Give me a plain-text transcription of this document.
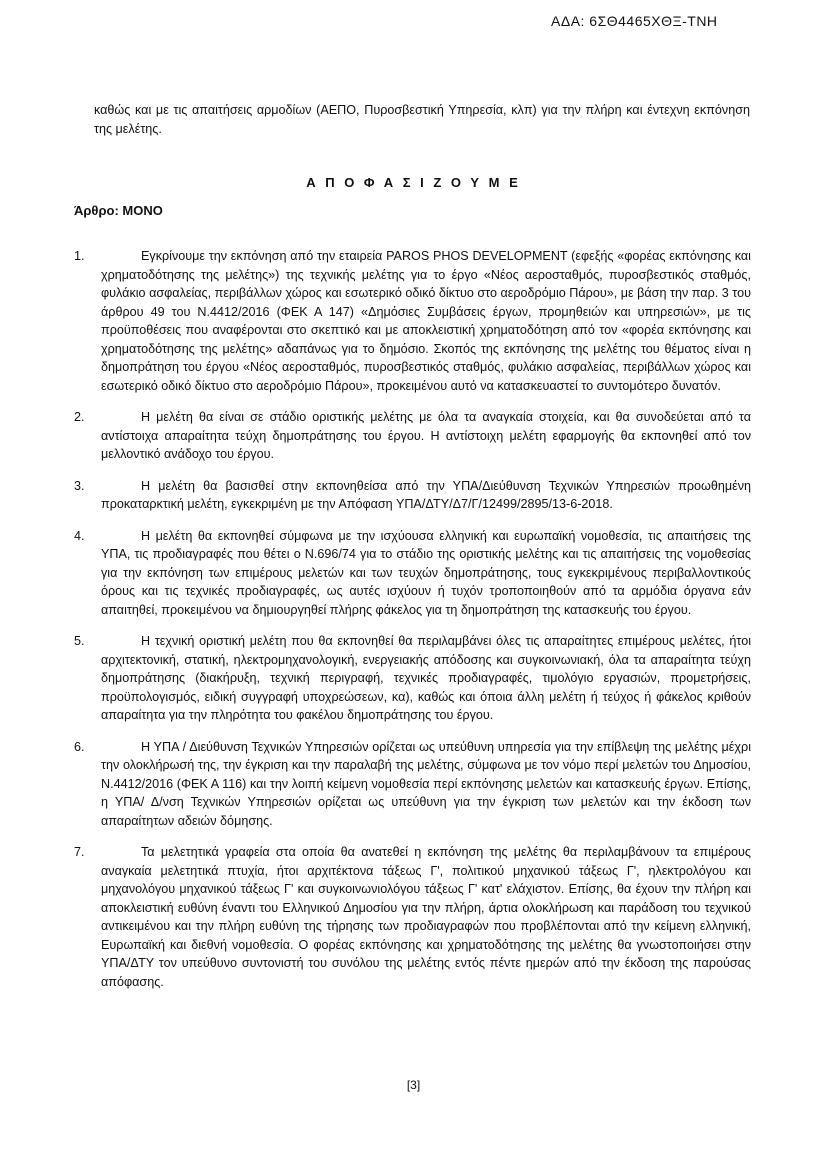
ΑΔΑ: 6ΣΘ4465ΧΘΞ-ΤΝΗ
καθώς και με τις απαιτήσεις αρμοδίων (ΑΕΠΟ, Πυροσβεστική Υπηρεσία, κλπ) για την πλήρη και έντεχνη εκπόνηση της μελέτης.
Α Π Ο Φ Α Σ Ι Ζ Ο Υ Μ Ε
Άρθρο: ΜΟΝΟ
1.	Εγκρίνουμε την εκπόνηση από την εταιρεία PAROS PHOS DEVELOPMENT (εφεξής «φορέας εκπόνησης και χρηματοδότησης της μελέτης») της τεχνικής μελέτης για το έργο «Νέος αεροσταθμός, πυροσβεστικός σταθμός, φυλάκιο ασφαλείας, περιβάλλων χώρος και εσωτερικό οδικό δίκτυο στο αεροδρόμιο Πάρου», με βάση την παρ. 3 του άρθρου 49 του Ν.4412/2016 (ΦΕΚ Α 147) «Δημόσιες Συμβάσεις έργων, προμηθειών και υπηρεσιών», με τις προϋποθέσεις που αναφέρονται στο σκεπτικό και με αποκλειστική χρηματοδότηση από τον «φορέα εκπόνησης και χρηματοδότησης της μελέτης» αδαπάνως για το δημόσιο. Σκοπός της εκπόνησης της μελέτης του θέματος είναι η δημοπράτηση του έργου «Νέος αεροσταθμός, πυροσβεστικός σταθμός, φυλάκιο ασφαλείας, περιβάλλων χώρος και εσωτερικό οδικό δίκτυο στο αεροδρόμιο Πάρου», προκειμένου αυτό να κατασκευαστεί το συντομότερο δυνατόν.
2.	Η μελέτη θα είναι σε στάδιο οριστικής μελέτης με όλα τα αναγκαία στοιχεία, και θα συνοδεύεται από τα αντίστοιχα απαραίτητα τεύχη δημοπράτησης του έργου. Η αντίστοιχη μελέτη εφαρμογής θα εκπονηθεί από τον μελλοντικό ανάδοχο του έργου.
3.	Η μελέτη θα βασισθεί στην εκπονηθείσα από την ΥΠΑ/Διεύθυνση Τεχνικών Υπηρεσιών προωθημένη προκαταρκτική μελέτη, εγκεκριμένη με την Απόφαση ΥΠΑ/ΔΤΥ/Δ7/Γ/12499/2895/13-6-2018.
4.	Η μελέτη θα εκπονηθεί σύμφωνα με την ισχύουσα ελληνική και ευρωπαϊκή νομοθεσία, τις απαιτήσεις της ΥΠΑ, τις προδιαγραφές που θέτει ο Ν.696/74 για το στάδιο της οριστικής μελέτης και τις απαιτήσεις της νομοθεσίας για την εκπόνηση των επιμέρους μελετών και των τευχών δημοπράτησης, τους εγκεκριμένους περιβαλλοντικούς όρους και τις τεχνικές προδιαγραφές, ως αυτές ισχύουν ή τυχόν τροποποιηθούν από τα αρμόδια όργανα εάν απαιτηθεί, προκειμένου να δημιουργηθεί πλήρης φάκελος για τη δημοπράτηση της κατασκευής του έργου.
5.	Η τεχνική οριστική μελέτη που θα εκπονηθεί θα περιλαμβάνει όλες τις απαραίτητες επιμέρους μελέτες, ήτοι αρχιτεκτονική, στατική, ηλεκτρομηχανολογική, ενεργειακής απόδοσης και συγκοινωνιακή, όλα τα απαραίτητα τεύχη δημοπράτησης (διακήρυξη, τεχνική περιγραφή, τεχνικές προδιαγραφές, τιμολόγιο εργασιών, προμετρήσεις, προϋπολογισμός, ειδική συγγραφή υποχρεώσεων, κα), καθώς και όποια άλλη μελέτη ή τεύχος ή φάκελος κριθούν απαραίτητα για την πληρότητα του φακέλου δημοπράτησης του έργου.
6.	Η ΥΠΑ / Διεύθυνση Τεχνικών Υπηρεσιών ορίζεται ως υπεύθυνη υπηρεσία για την επίβλεψη της μελέτης μέχρι την ολοκλήρωσή της, την έγκριση και την παραλαβή της μελέτης, σύμφωνα με τον νόμο περί μελετών του Δημοσίου, Ν.4412/2016 (ΦΕΚ Α 116) και την λοιπή κείμενη νομοθεσία περί εκπόνησης μελετών και κατασκευής έργων. Επίσης, η ΥΠΑ/ Δ/νση Τεχνικών Υπηρεσιών ορίζεται ως υπεύθυνη για την έγκριση των μελετών και την έκδοση των απαραίτητων αδειών δόμησης.
7.	Τα μελετητικά γραφεία στα οποία θα ανατεθεί η εκπόνηση της μελέτης θα περιλαμβάνουν τα επιμέρους αναγκαία μελετητικά πτυχία, ήτοι αρχιτέκτονα τάξεως Γ', πολιτικού μηχανικού τάξεως Γ', ηλεκτρολόγου και μηχανολόγου μηχανικού τάξεως Γ' και συγκοινωνιολόγου τάξεως Γ' κατ' ελάχιστον. Επίσης, θα έχουν την πλήρη και αποκλειστική ευθύνη έναντι του Ελληνικού Δημοσίου για την πλήρη, άρτια ολοκλήρωση και παράδοση του τεχνικού αντικειμένου και την πλήρη ευθύνη της τήρησης των προδιαγραφών που προβλέπονται από την κείμενη ελληνική, Ευρωπαϊκή και διεθνή νομοθεσία. Ο φορέας εκπόνησης και χρηματοδότησης της μελέτης θα γνωστοποιήσει στην ΥΠΑ/ΔΤΥ τον υπεύθυνο συντονιστή του συνόλου της μελέτης εντός πέντε ημερών από την έκδοση της παρούσας απόφασης.
[3]
